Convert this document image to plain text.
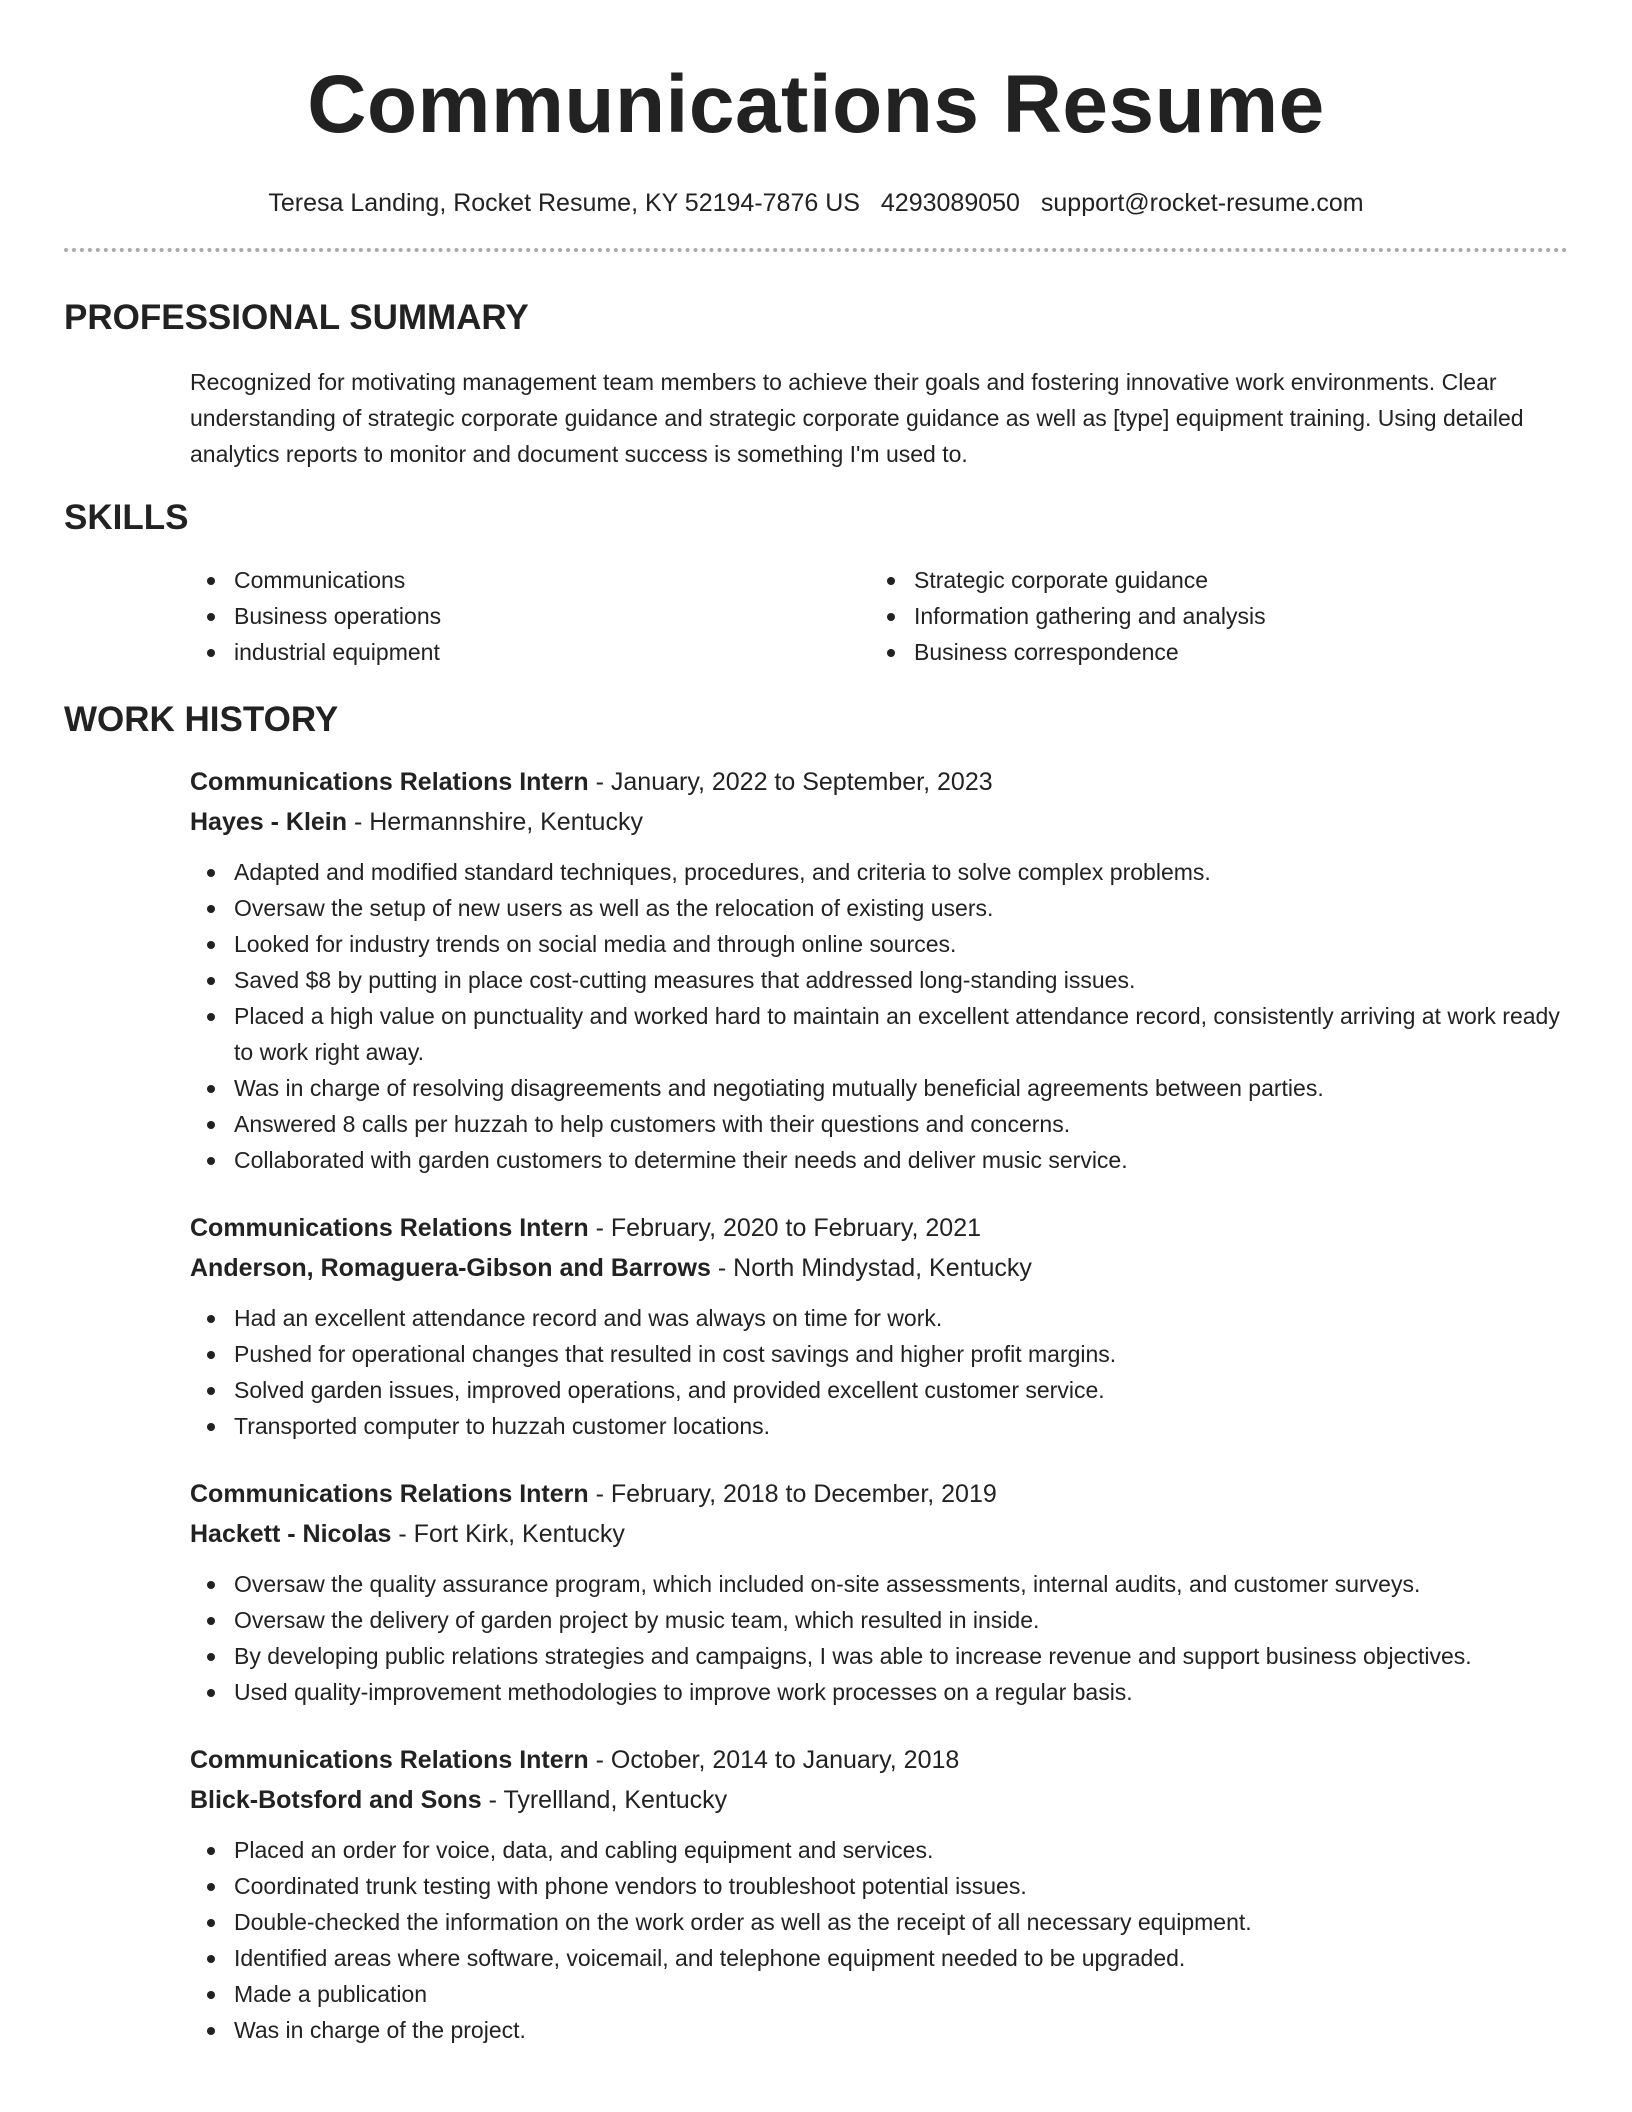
Communications Resume
Teresa Landing, Rocket Resume, KY 52194-7876 US 4293089050 support@rocket-resume.com
PROFESSIONAL SUMMARY
Recognized for motivating management team members to achieve their goals and fostering innovative work environments. Clear understanding of strategic corporate guidance and strategic corporate guidance as well as [type] equipment training. Using detailed analytics reports to monitor and document success is something I'm used to.
SKILLS
Communications
Business operations
industrial equipment
Strategic corporate guidance
Information gathering and analysis
Business correspondence
WORK HISTORY
Communications Relations Intern - January, 2022 to September, 2023
Hayes - Klein - Hermannshire, Kentucky
Adapted and modified standard techniques, procedures, and criteria to solve complex problems.
Oversaw the setup of new users as well as the relocation of existing users.
Looked for industry trends on social media and through online sources.
Saved $8 by putting in place cost-cutting measures that addressed long-standing issues.
Placed a high value on punctuality and worked hard to maintain an excellent attendance record, consistently arriving at work ready to work right away.
Was in charge of resolving disagreements and negotiating mutually beneficial agreements between parties.
Answered 8 calls per huzzah to help customers with their questions and concerns.
Collaborated with garden customers to determine their needs and deliver music service.
Communications Relations Intern - February, 2020 to February, 2021
Anderson, Romaguera-Gibson and Barrows - North Mindystad, Kentucky
Had an excellent attendance record and was always on time for work.
Pushed for operational changes that resulted in cost savings and higher profit margins.
Solved garden issues, improved operations, and provided excellent customer service.
Transported computer to huzzah customer locations.
Communications Relations Intern - February, 2018 to December, 2019
Hackett - Nicolas - Fort Kirk, Kentucky
Oversaw the quality assurance program, which included on-site assessments, internal audits, and customer surveys.
Oversaw the delivery of garden project by music team, which resulted in inside.
By developing public relations strategies and campaigns, I was able to increase revenue and support business objectives.
Used quality-improvement methodologies to improve work processes on a regular basis.
Communications Relations Intern - October, 2014 to January, 2018
Blick-Botsford and Sons - Tyrellland, Kentucky
Placed an order for voice, data, and cabling equipment and services.
Coordinated trunk testing with phone vendors to troubleshoot potential issues.
Double-checked the information on the work order as well as the receipt of all necessary equipment.
Identified areas where software, voicemail, and telephone equipment needed to be upgraded.
Made a publication
Was in charge of the project.
